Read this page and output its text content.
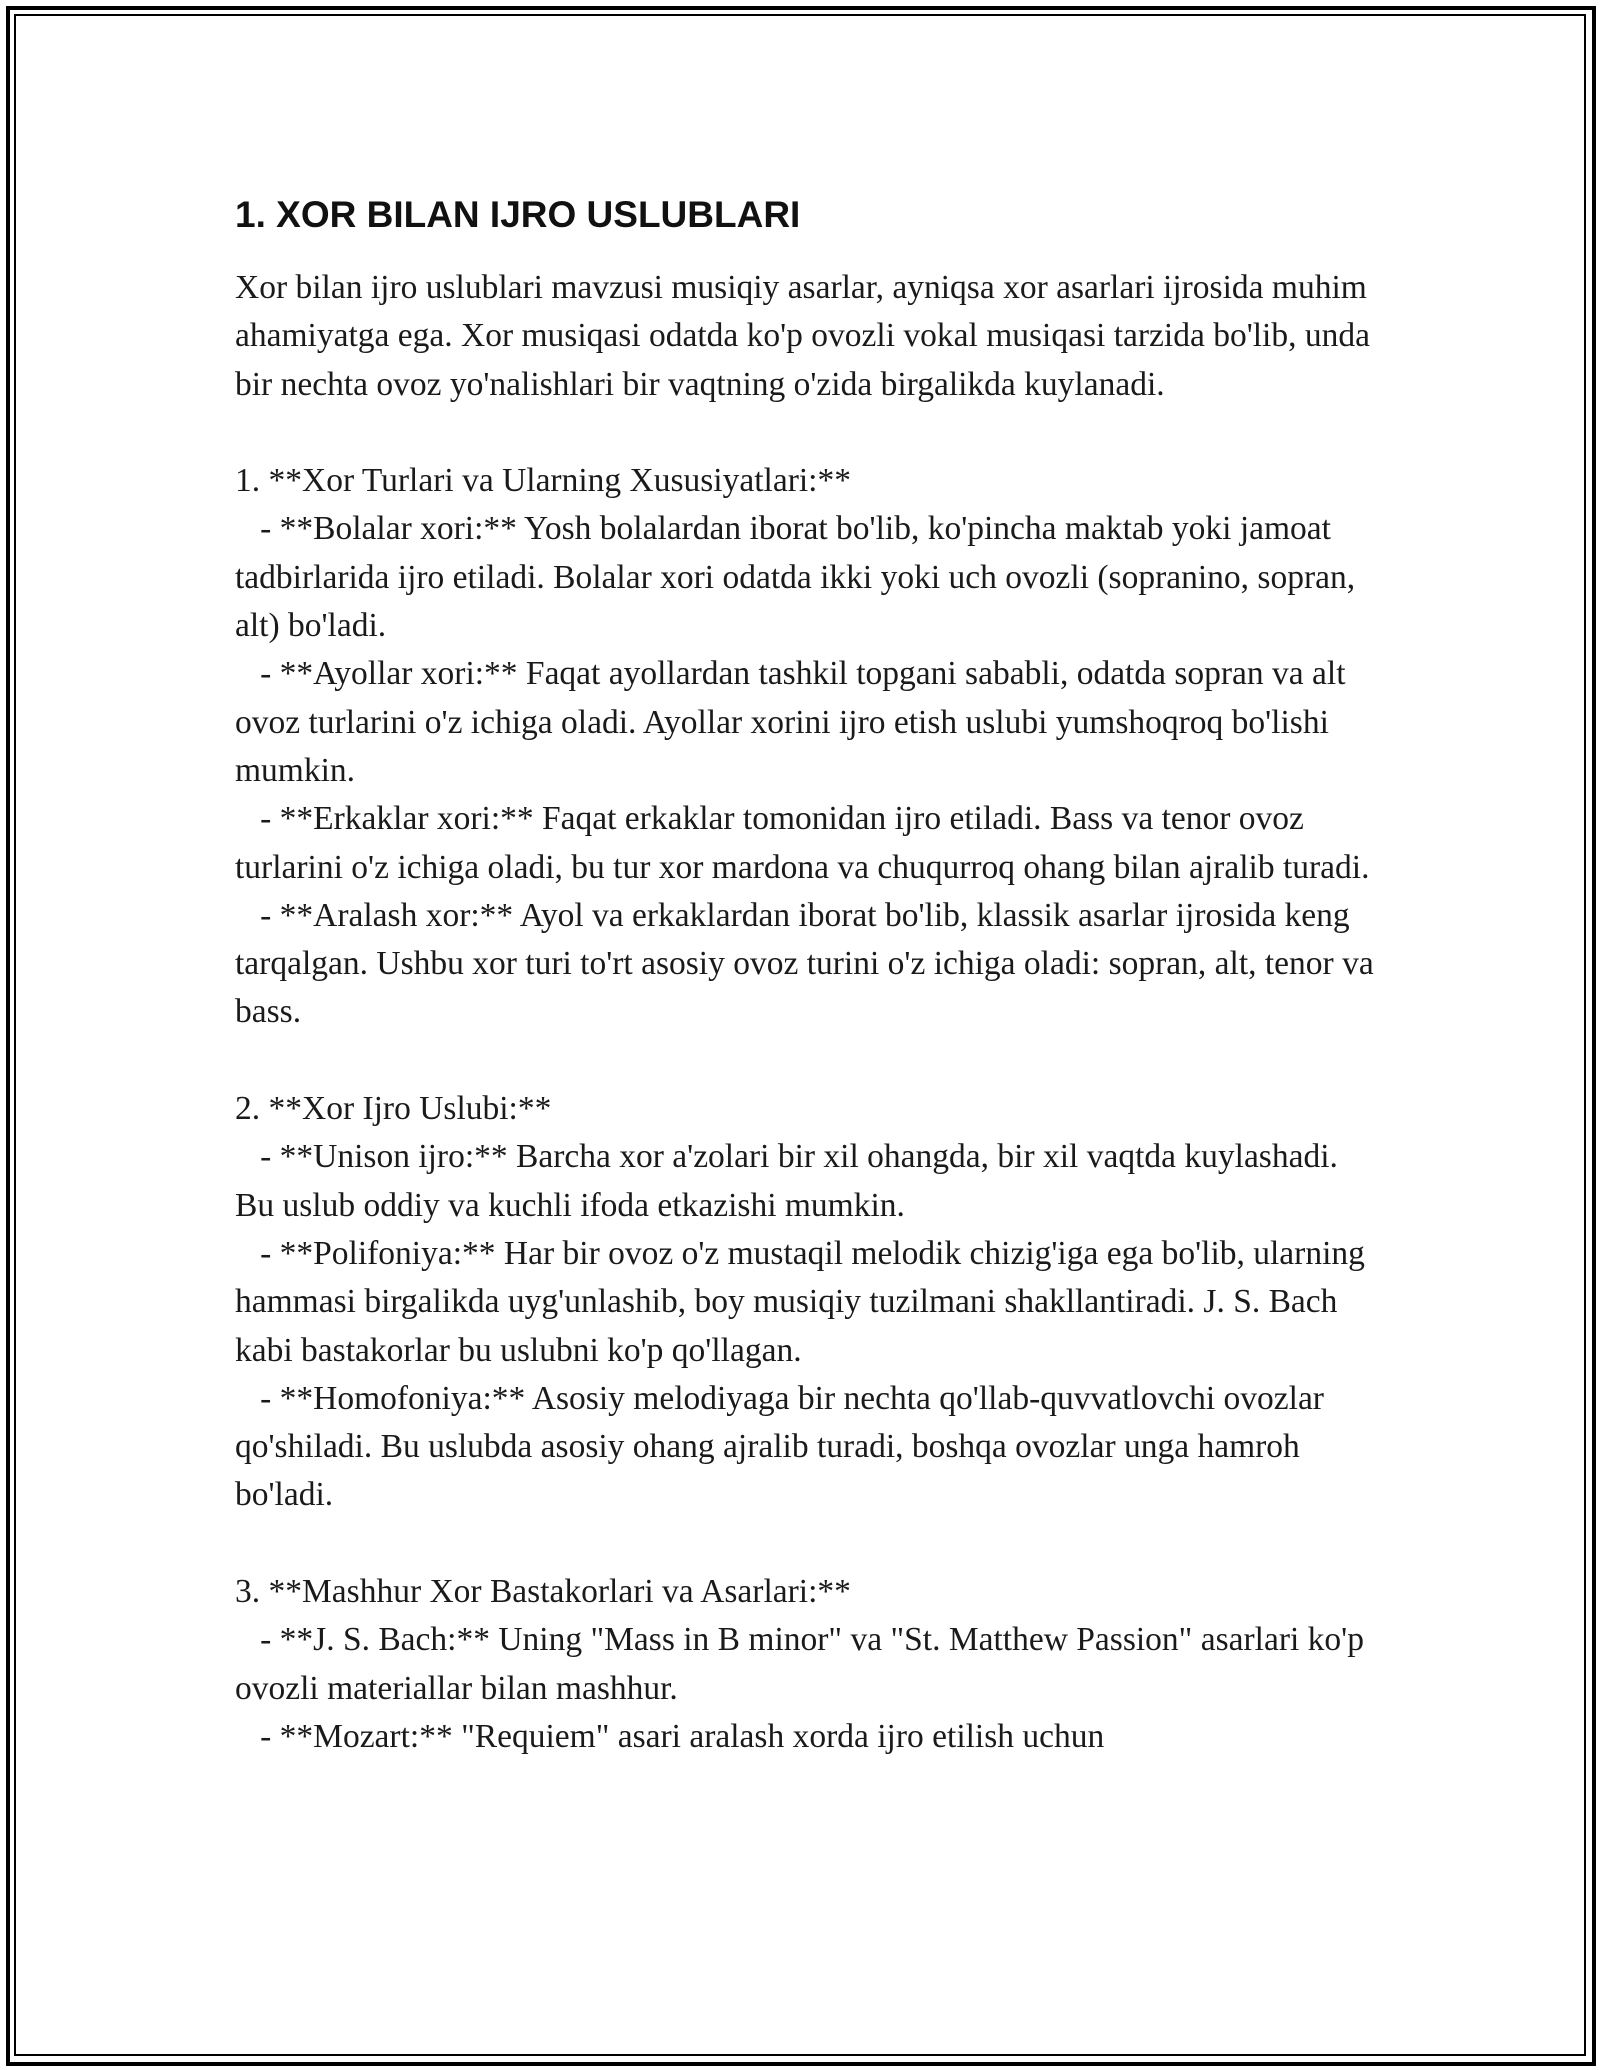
1. XOR BILAN IJRO USLUBLARI

Xor bilan ijro uslublari mavzusi musiqiy asarlar, ayniqsa xor asarlari ijrosida muhim ahamiyatga ega. Xor musiqasi odatda ko'p ovozli vokal musiqasi tarzida bo'lib, unda bir nechta ovoz yo'nalishlari bir vaqtning o'zida birgalikda kuylanadi.

1. **Xor Turlari va Ularning Xususiyatlari:**

- **Bolalar xori:** Yosh bolalardan iborat bo'lib, ko'pincha maktab yoki jamoat tadbirlarida ijro etiladi. Bolalar xori odatda ikki yoki uch ovozli (sopranino, sopran, alt) bo'ladi.

- **Ayollar xori:** Faqat ayollardan tashkil topgani sababli, odatda sopran va alt ovoz turlarini o'z ichiga oladi. Ayollar xorini ijro etish uslubi yumshoqroq bo'lishi mumkin.

- **Erkaklar xori:** Faqat erkaklar tomonidan ijro etiladi. Bass va tenor ovoz turlarini o'z ichiga oladi, bu tur xor mardona va chuqurroq ohang bilan ajralib turadi.

- **Aralash xor:** Ayol va erkaklardan iborat bo'lib, klassik asarlar ijrosida keng tarqalgan. Ushbu xor turi to'rt asosiy ovoz turini o'z ichiga oladi: sopran, alt, tenor va bass.

2. **Xor Ijro Uslubi:**

- **Unison ijro:** Barcha xor a'zolari bir xil ohangda, bir xil vaqtda kuylashadi. Bu uslub oddiy va kuchli ifoda etkazishi mumkin.

- **Polifoniya:** Har bir ovoz o'z mustaqil melodik chizig'iga ega bo'lib, ularning hammasi birgalikda uyg'unlashib, boy musiqiy tuzilmani shakllantiradi. J. S. Bach kabi bastakorlar bu uslubni ko'p qo'llagan.

- **Homofoniya:** Asosiy melodiyaga bir nechta qo'llab-quvvatlovchi ovozlar qo'shiladi. Bu uslubda asosiy ohang ajralib turadi, boshqa ovozlar unga hamroh bo'ladi.

3. **Mashhur Xor Bastakorlari va Asarlari:**

- **J. S. Bach:** Uning "Mass in B minor" va "St. Matthew Passion" asarlari ko'p ovozli materiallar bilan mashhur.

- **Mozart:** "Requiem" asari aralash xorda ijro etilish uchun
